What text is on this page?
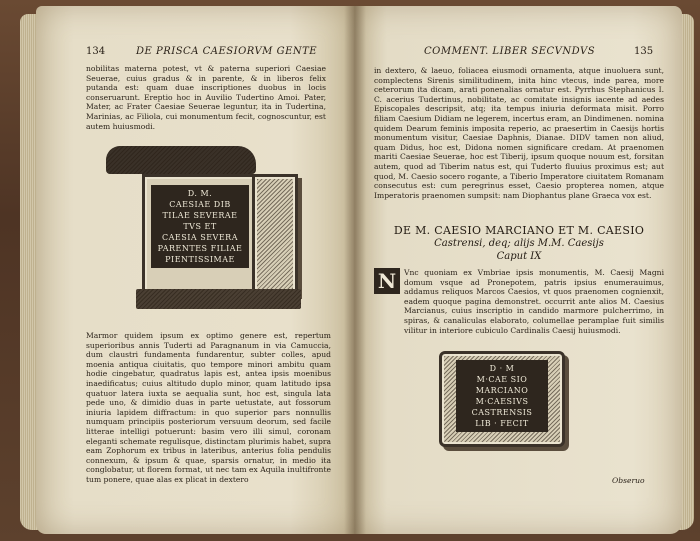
134	DE PRISCA CAESIORVM GENTE

nobilitas materna potest, vt & paterna superiori Caesiae Seuerae, cuius gradus & in parente, & in liberos felix putanda est: quam duae inscriptiones duobus in locis conseruarunt. Ereptio hoc in Auvilio Tudertino Amoi. Pater, Mater, ac Frater Caesiae Seuerae leguntur, ita in Tudertina, Marinias, ac Filiola, cui monumentum fecit, cognoscuntur, est autem huiusmodi.

D. M.
CAESIAE DIB
TILAE SEVERAE
TVS ET
CAESIA SEVERA
PARENTES FILIAE
PIENTISSIMAE

Marmor quidem ipsum ex optimo genere est, repertum superioribus annis Tuderti ad Paragnanum in via Camuccia, dum claustri fundamenta fundarentur, subter colles, apud moenia antiqua ciuitatis, quo tempore minori ambitu quam hodie cingebatur, quadratus lapis est, antea ipsis moenibus inaedificatus; cuius altitudo duplo minor, quam latitudo ipsa quatuor latera iuxta se aequalia sunt, hoc est, singula lata pede uno, & dimidio duas in parte uetustate, aut fossorum iniuria lapidem diffractum: in quo superior pars nonnullis numquam principiis posteriorum versuum deorum, sed facile litterae intelligi potuerunt: basim vero illi simul, coronam eleganti schemate regulisque, distinctam plurimis habet, supra eam Zophorum ex tribus in lateribus, anterius folia pendulis connexum, & ipsum & quae, sparsis ornatur, in medio ita conglobatur, ut florem format, ut nec tam ex Aquila inultifronte tum ponere, quae alas ex plicat in dextero

COMMENT. LIBER SECVNDVS	135

in dextero, & laeuo, foliacea eiusmodi ornamenta, atque inuoluera sunt, complectens Sirenis similitudinem, inita hinc vtecus, inde parea, more ceterorum ita dicam, arati ponenalias ornatur est. Pyrrhus Stephanicus I. C. acerius Tudertinus, nobilitate, ac comitate insignis iacente ad aedes Episcopales descripsit, atq; ita tempus iniuria deformata misit. Porro filiam Caesium Didiam ne legerem, incertus eram, an Dindimenen. nomina quidem Dearum feminis imposita reperio, ac praesertim in Caesijs hortis monumentum visitur, Caesiae Daphnis, Dianae. DIDV tamen non aliud, quam Didus, hoc est, Didona nomen significare credam. At praenomen mariti Caesiae Seuerae, hoc est Tiberij, ipsum quoque nouum est, forsitan autem, quod ad Tiberim natus est, qui Tuderto fluuius proximus est; aut quod, M. Caesio socero rogante, a Tiberio Imperatore ciuitatem Romanam consecutus est: cum peregrinus esset, Caesio propterea nomen, atque Imperatoris praenomen sumpsit: nam Diophantus plane Graeca vox est.

DE M. CAESIO MARCIANO ET M. CAESIO
Castrensi, deq; alijs M.M. Caesijs
Caput IX
N	Vnc quoniam ex Vmbriae ipsis monumentis, M. Caesij Magni domum vsque ad Pronepotem, patris ipsius enumerauimus, addamus reliquos Marcos Caesios, vt quos praenomen cognienxit, eadem quoque pagina demonstret. occurrit ante alios M. Caesius Marcianus, cuius inscriptio in candido marmore pulcherrimo, in spiras, & canaliculas elaborato, columellae peramplae fuit similis vilitur in interiore cubiculo Cardinalis Caesij huiusmodi.

D · M
M·CAE SIO
MARCIANO
M·CAESIVS
CASTRENSIS
LIB · FECIT
Obseruo
